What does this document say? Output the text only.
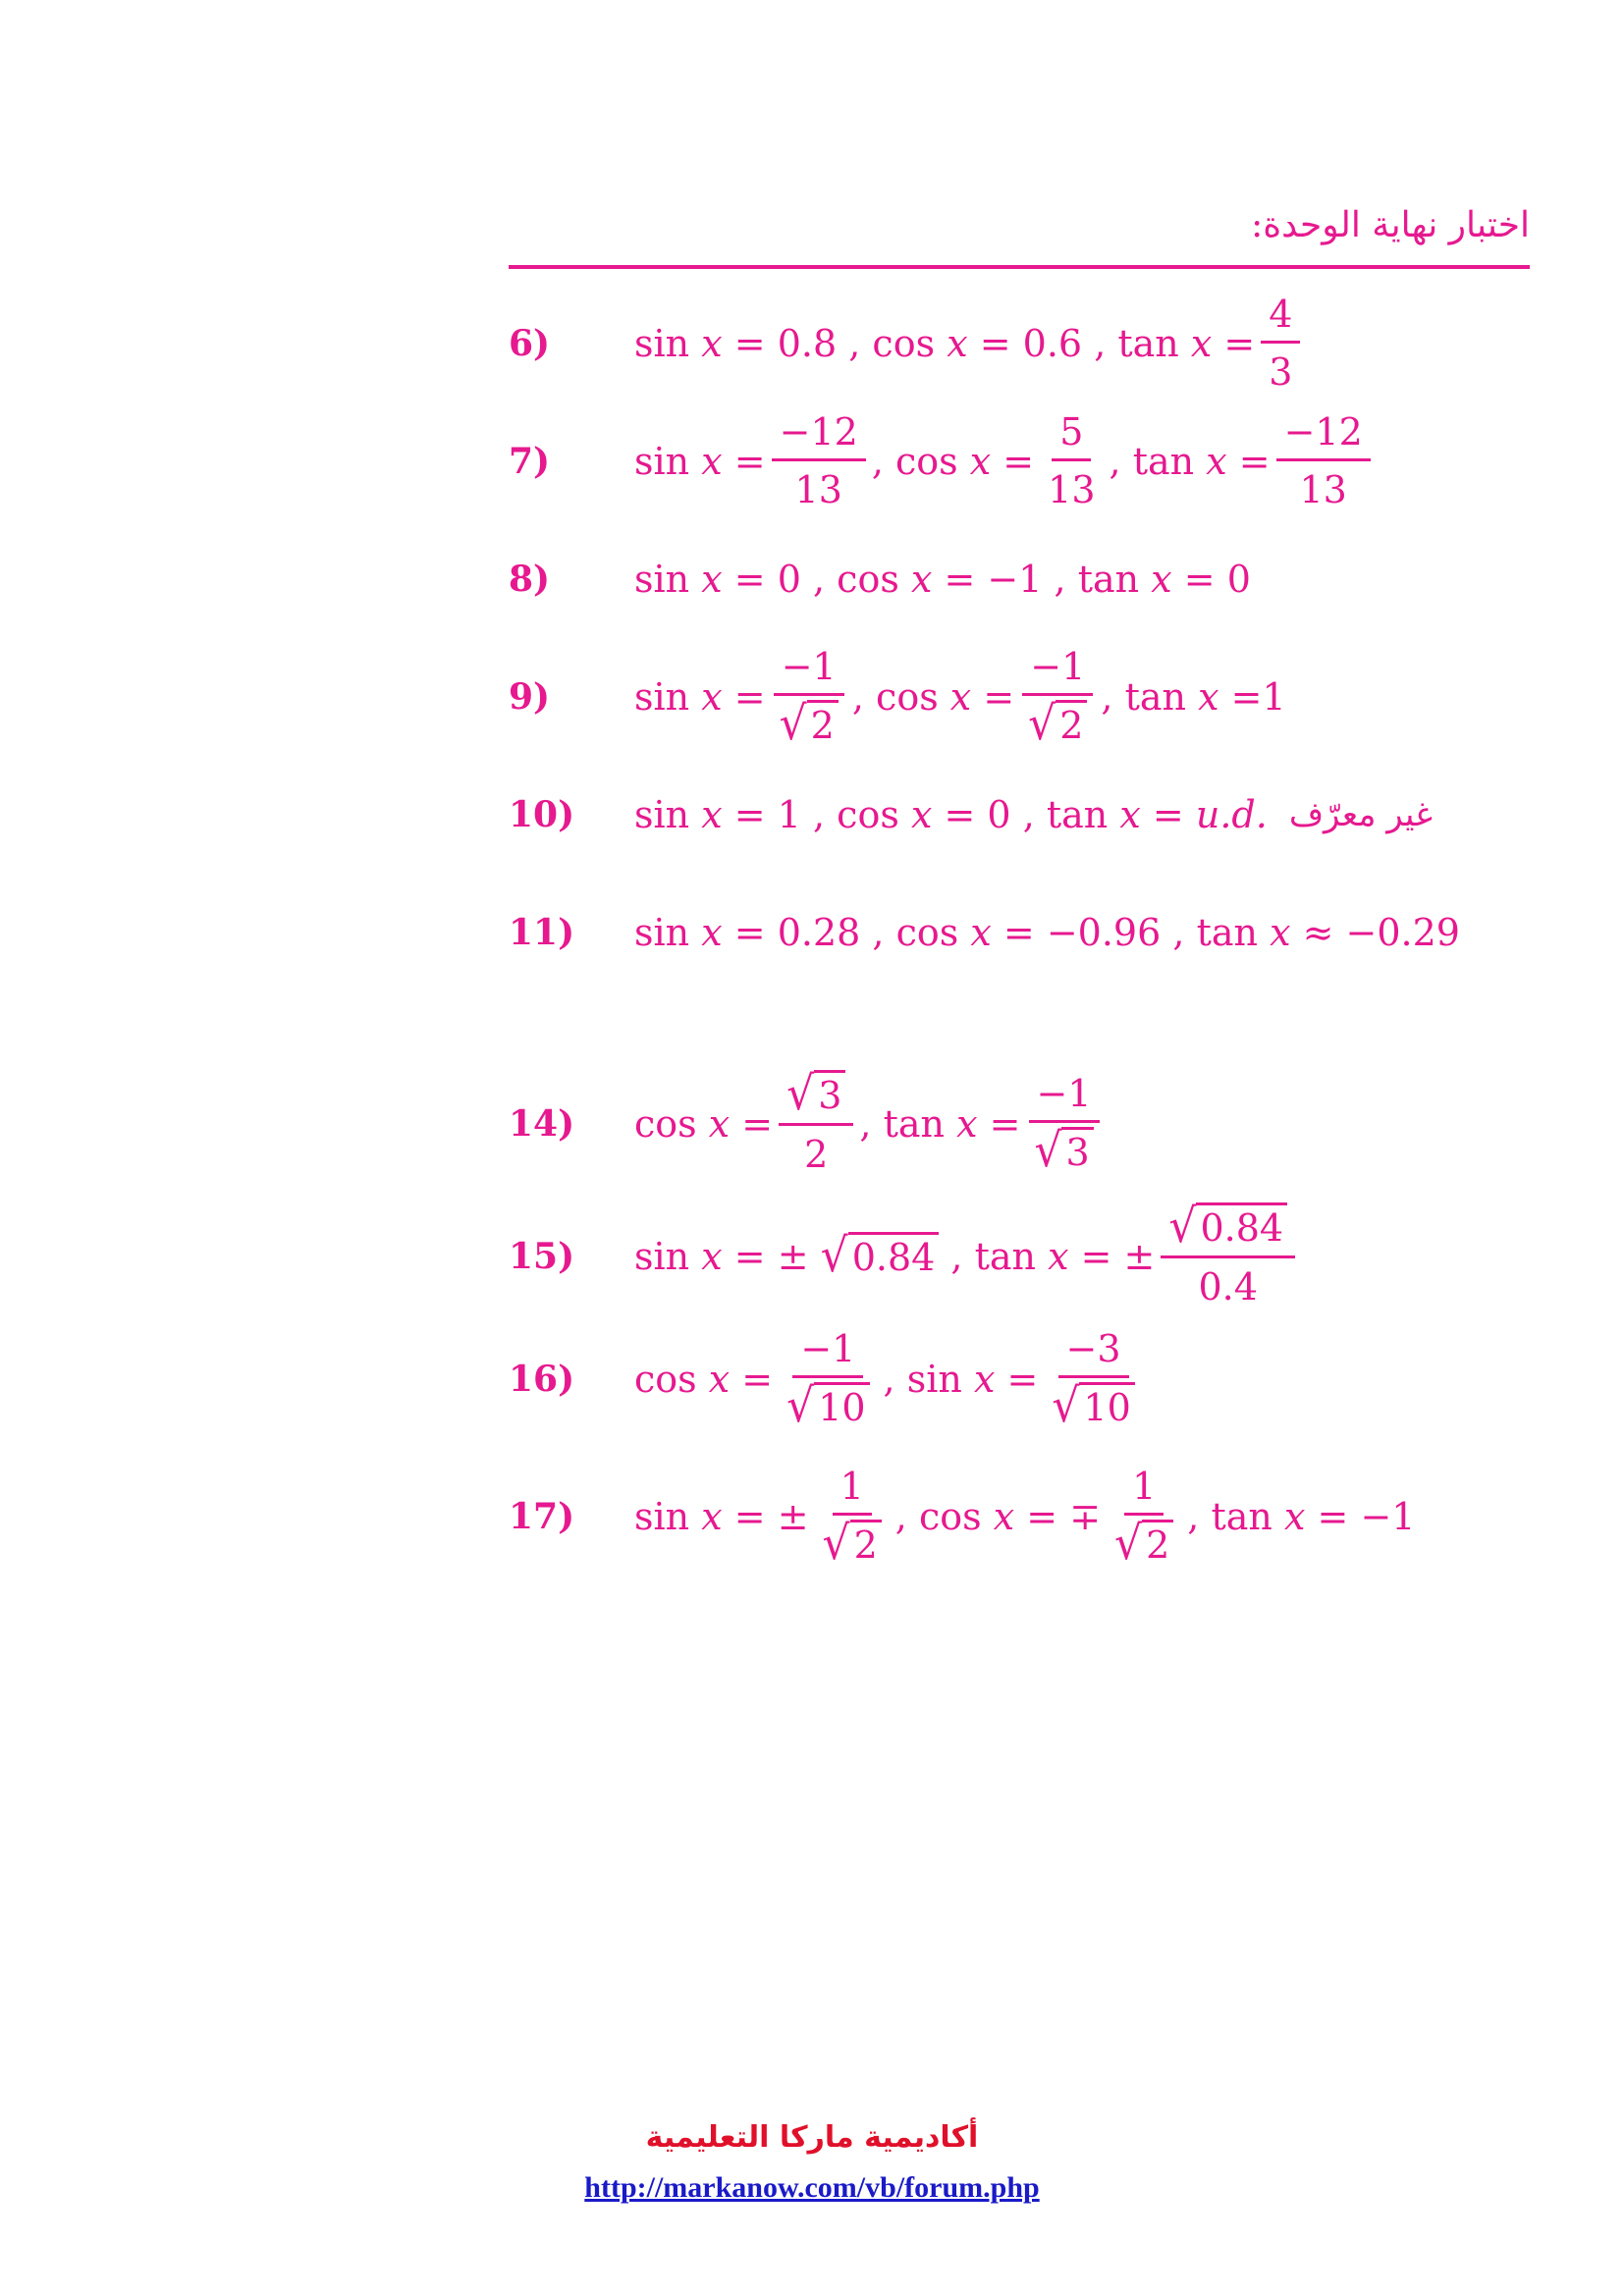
اختبار نهاية الوحدة:
6)	sin
x
=
0.8
,
cos
x
=
0.6
,
tan
x
= $\frac{4}{3}$
7)	sin
x
= $\frac{-12}{13}$ ,
cos
x
= $\frac{5}{13}$ ,
tan
x
= $\frac{-12}{13}$
8)	sin
x
=
0
,
cos
x
=
−1
,
tan
x
=
0
9)	sin
x
= $\frac{-1}{√ 2}$ ,
cos
x
= $\frac{-1}{√ 2}$ ,
tan
x
= 1
10)	sin
x
=
1
,
cos
x
=
0
,
tan
x
=
u.d. غير معرّف
11)	sin
x
=
0.28
,
cos
x
=
−0.96
,
tan
x
≈
−0.29
14)	cos
x
= $\frac{√ 3}{2}$ ,
tan
x
= $\frac{-1}{√ 3}$
15)	sin
x
=
±
√ 0.84
,
tan
x
=
± $\frac{√ 0.84}{0.4}$
16)	cos
x
= $\frac{-1}{√ 10}$ ,
sin
x
= $\frac{-3}{√ 10}$
17)	sin
x
=
± $\frac{1}{√ 2}$ ,
cos
x
=
∓ $\frac{1}{√ 2}$ ,
tan
x
=
−1
أكاديمية ماركا التعليمية
http://markanow.com/vb/forum.php
